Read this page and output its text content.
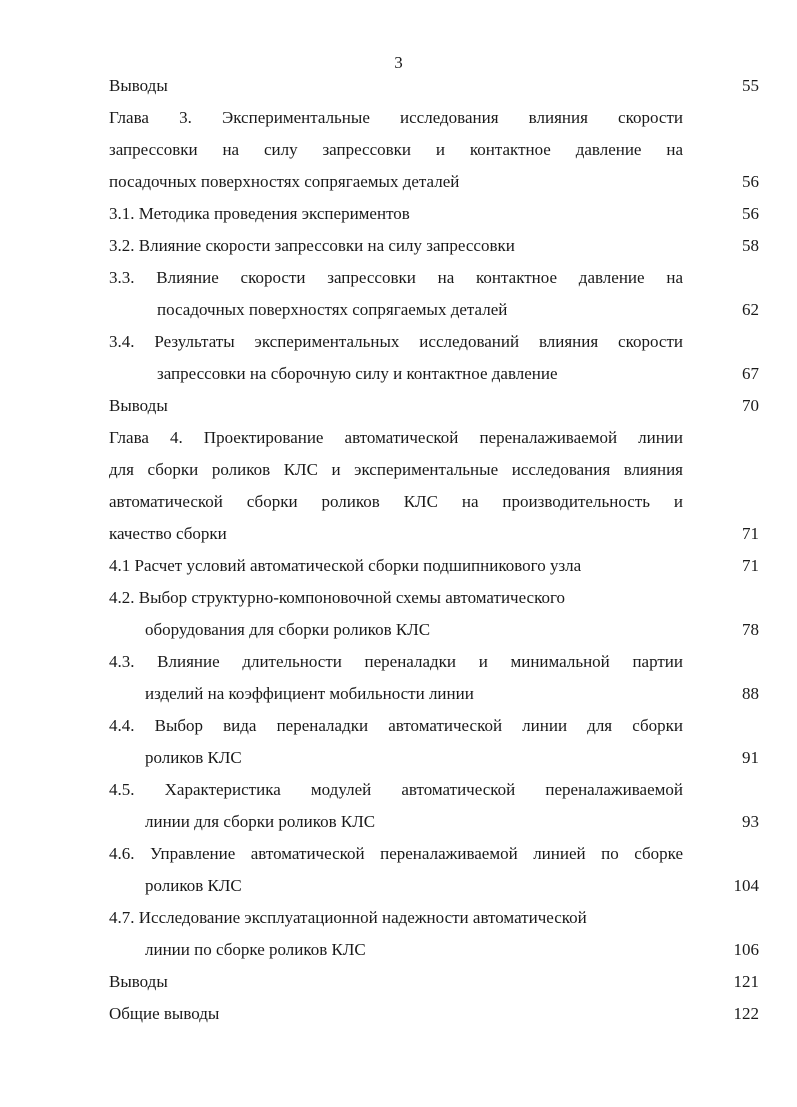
3
Выводы	55
Глава 3. Экспериментальные исследования влияния скорости
запрессовки на силу запрессовки и контактное давление на
посадочных поверхностях сопрягаемых деталей	56
3.1. Методика проведения экспериментов	56
3.2. Влияние скорости запрессовки на силу запрессовки	58
3.3. Влияние скорости запрессовки на контактное давление на
посадочных поверхностях сопрягаемых деталей	62
3.4. Результаты экспериментальных исследований влияния скорости
запрессовки на сборочную силу и контактное давление	67
Выводы	70
Глава 4. Проектирование автоматической переналаживаемой линии
для сборки роликов КЛС и экспериментальные исследования влияния
автоматической сборки роликов КЛС на производительность и
качество сборки	71
4.1 Расчет условий автоматической сборки подшипникового узла	71
4.2. Выбор структурно-компоновочной схемы автоматического
оборудования для сборки роликов КЛС	78
4.3. Влияние длительности переналадки и минимальной партии
изделий на коэффициент мобильности линии	88
4.4. Выбор вида переналадки автоматической линии для сборки
роликов КЛС	91
4.5. Характеристика модулей автоматической переналаживаемой
линии для сборки роликов КЛС	93
4.6. Управление автоматической переналаживаемой линией по сборке
роликов КЛС	104
4.7. Исследование эксплуатационной надежности автоматической
линии по сборке роликов КЛС	106
Выводы	121
Общие выводы	122
